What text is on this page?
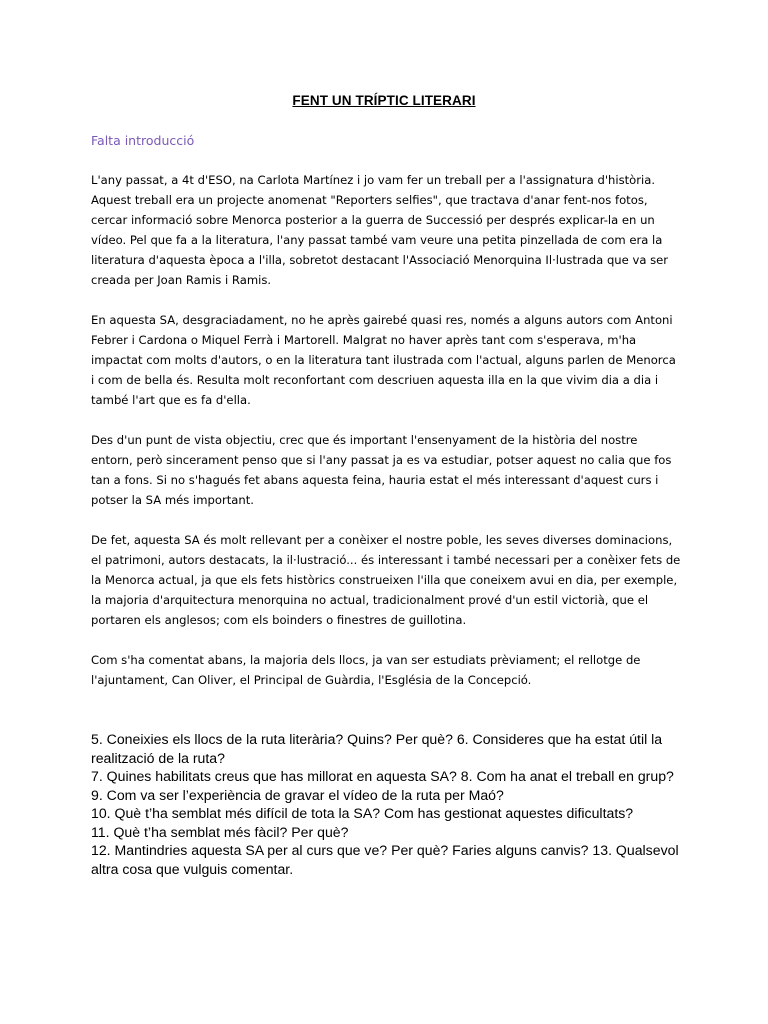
FENT UN TRÍPTIC LITERARI
Falta introducció

L'any passat, a 4t d'ESO, na Carlota Martínez i jo vam fer un treball per a l'assignatura d'història. Aquest treball era un projecte anomenat "Reporters selfies", que tractava d'anar fent-nos fotos, cercar informació sobre Menorca posterior a la guerra de Successió per després explicar-la en un vídeo. Pel que fa a la literatura, l'any passat també vam veure una petita pinzellada de com era la literatura d'aquesta època a l'illa, sobretot destacant l'Associació Menorquina Il·lustrada que va ser creada per Joan Ramis i Ramis.

En aquesta SA, desgraciadament, no he après gairebé quasi res, només a alguns autors com Antoni Febrer i Cardona o Miquel Ferrà i Martorell. Malgrat no haver après tant com s'esperava, m'ha impactat com molts d'autors, o en la literatura tant ilustrada com l'actual, alguns parlen de Menorca i com de bella és. Resulta molt reconfortant com descriuen aquesta illa en la que vivim dia a dia i també l'art que es fa d'ella.

Des d'un punt de vista objectiu, crec que és important l'ensenyament de la història del nostre entorn, però sincerament penso que si l'any passat ja es va estudiar, potser aquest no calia que fos tan a fons. Si no s'hagués fet abans aquesta feina, hauria estat el més interessant d'aquest curs i potser la SA més important.

De fet, aquesta SA és molt rellevant per a conèixer el nostre poble, les seves diverses dominacions, el patrimoni, autors destacats, la il·lustració... és interessant i també necessari per a conèixer fets de la Menorca actual, ja que els fets històrics construeixen l'illa que coneixem avui en dia, per exemple, la majoria d'arquitectura menorquina no actual, tradicionalment prové d'un estil victorià, que el portaren els anglesos; com els boinders o finestres de guillotina.

Com s'ha comentat abans, la majoria dels llocs, ja van ser estudiats prèviament; el rellotge de l'ajuntament, Can Oliver, el Principal de Guàrdia, l'Església de la Concepció.

5. Coneixies els llocs de la ruta literària? Quins? Per què? 6. Consideres que ha estat útil la realització de la ruta?
7. Quines habilitats creus que has millorat en aquesta SA? 8. Com ha anat el treball en grup?
9. Com va ser l’experiència de gravar el vídeo de la ruta per Maó?
10. Què t’ha semblat més difícil de tota la SA? Com has gestionat aquestes dificultats?
11. Què t’ha semblat més fàcil? Per què?
12. Mantindries aquesta SA per al curs que ve? Per què? Faries alguns canvis? 13. Qualsevol altra cosa que vulguis comentar.
